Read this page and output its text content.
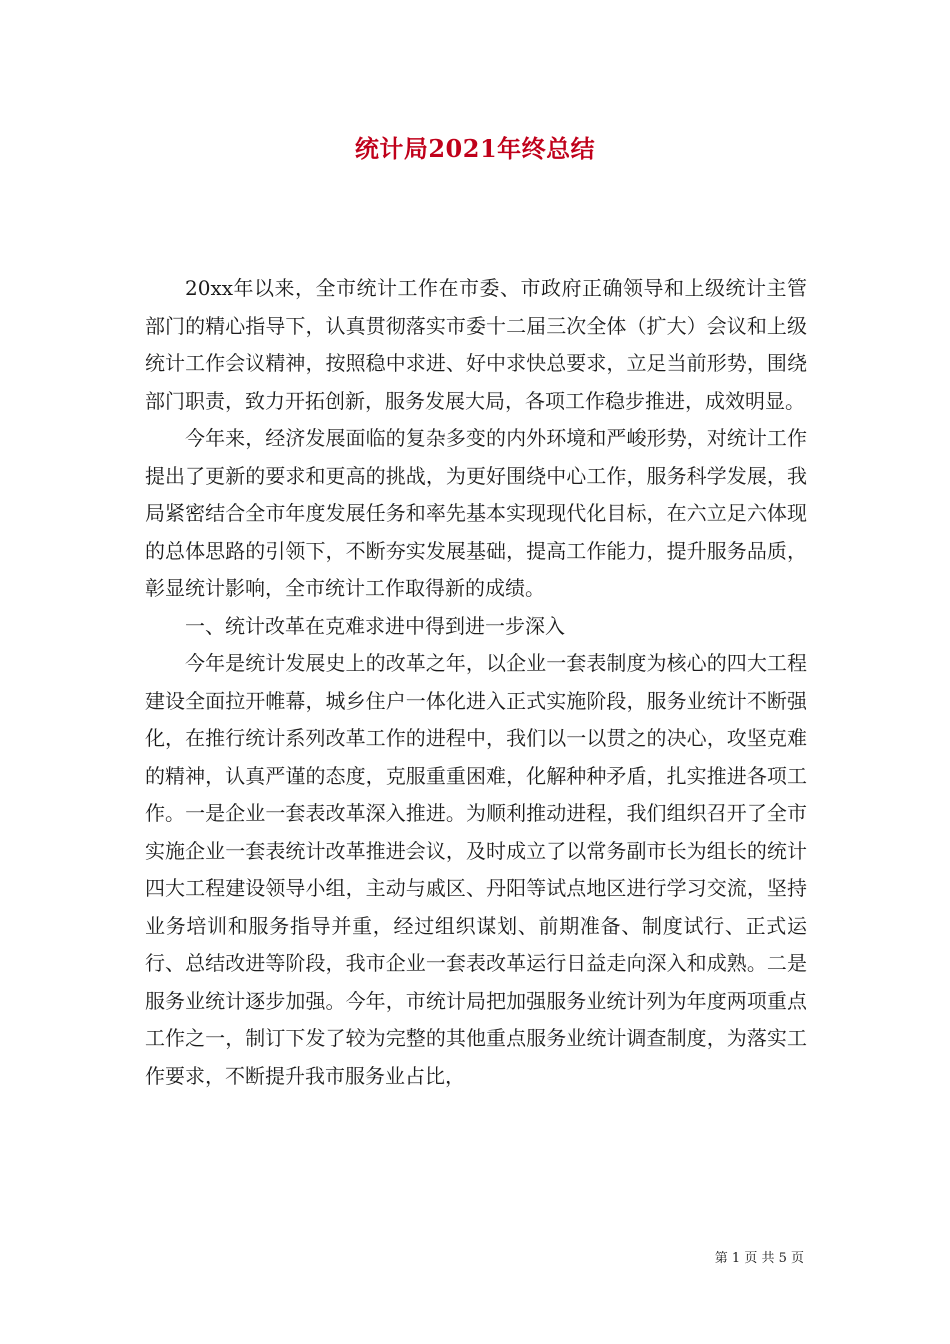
统计局2021年终总结

20xx年以来，全市统计工作在市委、市政府正确领导和上级统计主管部门的精心指导下，认真贯彻落实市委十二届三次全体（扩大）会议和上级统计工作会议精神，按照稳中求进、好中求快总要求，立足当前形势，围绕部门职责，致力开拓创新，服务发展大局，各项工作稳步推进，成效明显。

今年来，经济发展面临的复杂多变的内外环境和严峻形势，对统计工作提出了更新的要求和更高的挑战，为更好围绕中心工作，服务科学发展，我局紧密结合全市年度发展任务和率先基本实现现代化目标，在六立足六体现的总体思路的引领下，不断夯实发展基础，提高工作能力，提升服务品质，彰显统计影响，全市统计工作取得新的成绩。

一、统计改革在克难求进中得到进一步深入

今年是统计发展史上的改革之年，以企业一套表制度为核心的四大工程建设全面拉开帷幕，城乡住户一体化进入正式实施阶段，服务业统计不断强化，在推行统计系列改革工作的进程中，我们以一以贯之的决心，攻坚克难的精神，认真严谨的态度，克服重重困难，化解种种矛盾，扎实推进各项工作。一是企业一套表改革深入推进。为顺利推动进程，我们组织召开了全市实施企业一套表统计改革推进会议，及时成立了以常务副市长为组长的统计四大工程建设领导小组，主动与戚区、丹阳等试点地区进行学习交流，坚持业务培训和服务指导并重，经过组织谋划、前期准备、制度试行、正式运行、总结改进等阶段，我市企业一套表改革运行日益走向深入和成熟。二是服务业统计逐步加强。今年，市统计局把加强服务业统计列为年度两项重点工作之一，制订下发了较为完整的其他重点服务业统计调查制度，为落实工作要求，不断提升我市服务业占比，

第 1 页 共 5 页
